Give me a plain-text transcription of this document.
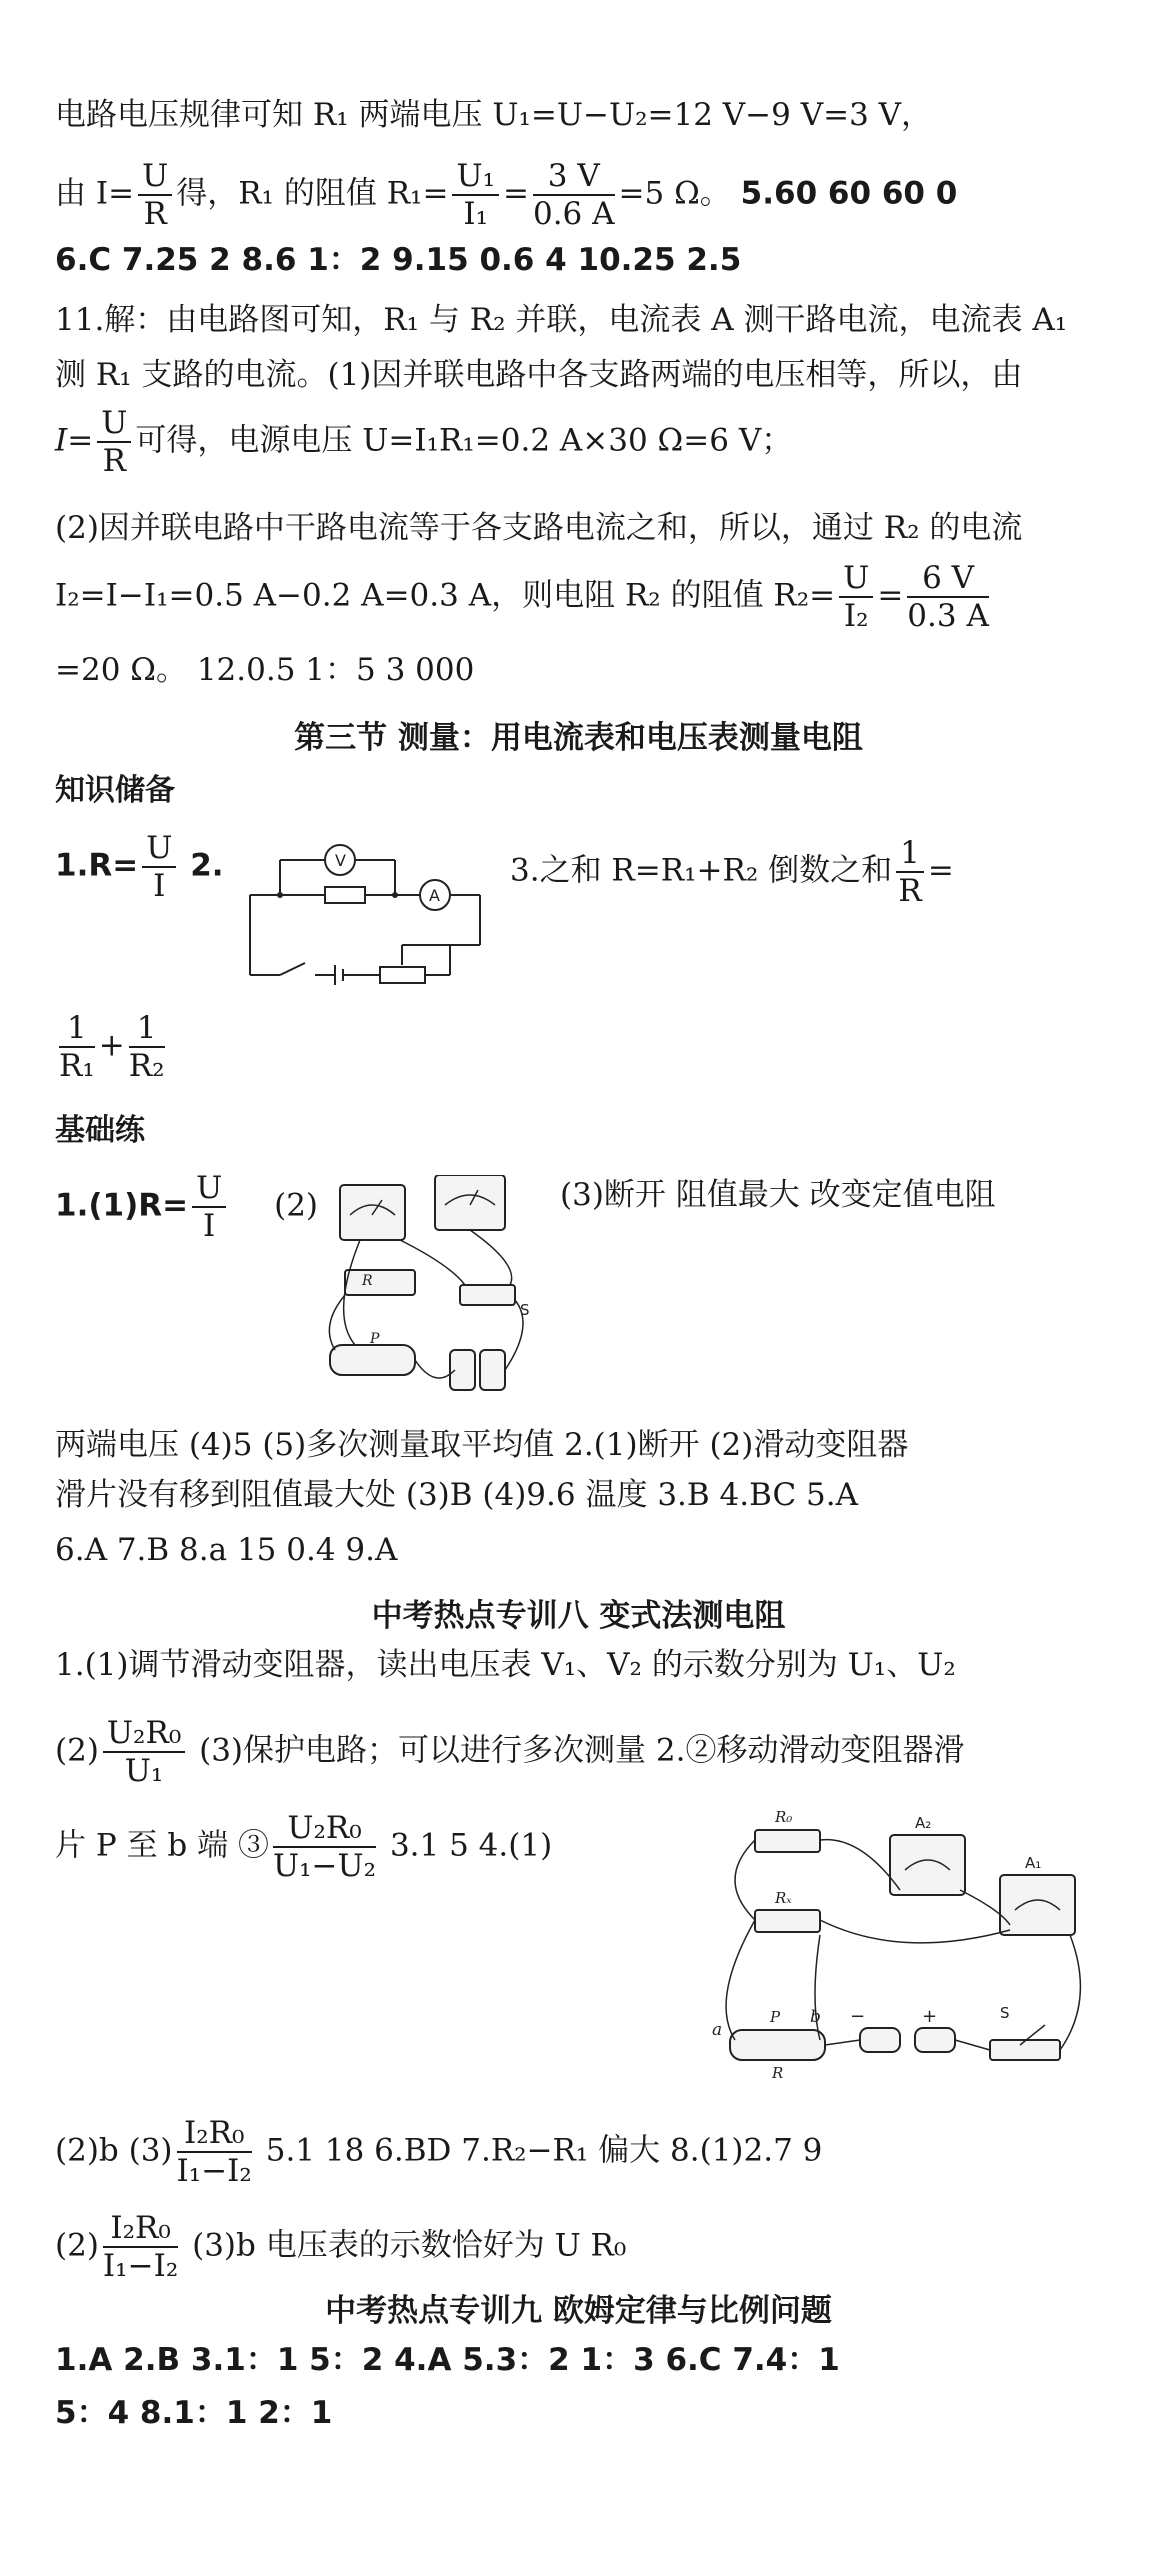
电路电压规律可知 R₁ 两端电压 U₁=U−U₂=12 V−9 V=3 V，
由 $I= \frac{U}{R}$ 得，R₁ 的阻值 $R_1= \frac{\text{U₁}}{\text{I₁}} = \frac{3 V}{0.6 A} =5$ Ω。 5.60 60 60 0
6.C 7.25 2 8.6 1：2 9.15 0.6 4 10.25 2.5
11.解：由电路图可知，R₁ 与 R₂ 并联，电流表 A 测干路电流，电流表 A₁
测 R₁ 支路的电流。(1)因并联电路中各支路两端的电压相等，所以，由
$I= \frac{U}{R}$ 可得，电源电压 U=I₁R₁=0.2 A×30 Ω=6 V；
(2)因并联电路中干路电流等于各支路电流之和，所以，通过 R₂ 的电流
I₂=I−I₁=0.5 A−0.2 A=0.3 A，则电阻 R₂ 的阻值 $R_2= \frac{U}{\text{I₂}} = \frac{6 V}{0.3 A}$
=20 Ω。 12.0.5 1：5 3 000
第三节 测量：用电流表和电压表测量电阻
知识储备
$1.R= \frac{U}{I} 2$.	V
A
3.之和 R=R₁+R₂ 倒数之和 $\frac{1}{R}$ =
$\frac{1}{\text{R₁}} + \frac{1}{\text{R₂}}$
基础练
$1.(1)R= \frac{U}{I} (2)$	(3)断开 阻值最大 改变定值电阻
R
P
S
两端电压 (4)5 (5)多次测量取平均值 2.(1)断开 (2)滑动变阻器
滑片没有移到阻值最大处 (3)B (4)9.6 温度 3.B 4.BC 5.A
6.A 7.B 8.a 15 0.4 9.A
中考热点专训八 变式法测电阻
1.(1)调节滑动变阻器，读出电压表 V₁、V₂ 的示数分别为 U₁、U₂
$(2) \frac{\text{U₂R₀}}{\text{U₁}} (3)$保护电路；可以进行多次测量 2.②移动滑动变阻器滑
片 P 至 b 端 ③ $\frac{\text{U₂R₀}}{\text{U₁−U₂}} 3.1$ 5 4.(1)
R₀
Rₓ
A₂
A₁
a
P b
R
−	+	S
(2)b $(3) \frac{\text{I₂R₀}}{\text{I₁−I₂}} 5.1$ 18 6.BD 7.R₂−R₁ 偏大 8.(1)2.7 9
$(2) \frac{\text{I₂R₀}}{\text{I₁−I₂}} (3)b$ 电压表的示数恰好为 U R₀
中考热点专训九 欧姆定律与比例问题
1.A 2.B 3.1：1 5：2 4.A 5.3：2 1：3 6.C 7.4：1
5：4 8.1：1 2：1
